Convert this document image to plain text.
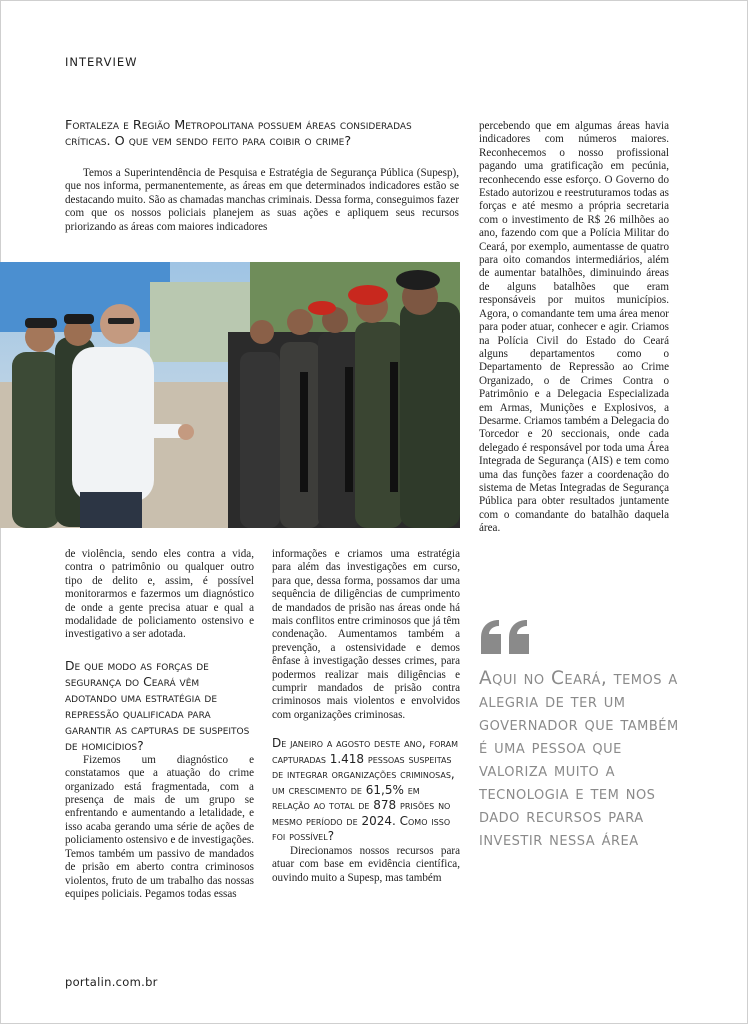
INTERVIEW

Fortaleza e Região Metropolitana possuem áreas consideradas críticas. O que vem sendo feito para coibir o crime?

Temos a Superintendência de Pesquisa e Estratégia de Segurança Pública (Supesp), que nos informa, permanentemente, as áreas em que determinados indicadores estão se destacando muito. São as chamadas manchas criminais. Dessa forma, conseguimos fazer com que os nossos policiais planejem as suas ações e apliquem seus recursos priorizando as áreas com maiores indicadores

de violência, sendo eles contra a vida, contra o patrimônio ou qualquer outro tipo de delito e, assim, é possível monitorarmos e fazermos um diagnóstico de onde a gente precisa atuar e qual a modalidade de policiamento ostensivo e investigativo a ser adotada.

De que modo as forças de segurança do Ceará vêm adotando uma estratégia de repressão qualificada para garantir as capturas de suspeitos de homicídios?

Fizemos um diagnóstico e constatamos que a atuação do crime organizado está fragmentada, com a presença de mais de um grupo se enfrentando e aumentando a letalidade, e isso acaba gerando uma série de ações de policiamento ostensivo e de investigações. Temos também um passivo de mandados de prisão em aberto contra criminosos violentos, fruto de um trabalho das nossas equipes policiais. Pegamos todas essas

informações e criamos uma estratégia para além das investigações em curso, para que, dessa forma, possamos dar uma sequência de diligências de cumprimento de mandados de prisão nas áreas onde há mais conflitos entre criminosos que já têm condenação. Aumentamos também a prevenção, a ostensividade e demos ênfase à investigação desses crimes, para podermos realizar mais diligências e cumprir mandados de prisão contra criminosos mais violentos e envolvidos com organizações criminosas.

De janeiro a agosto deste ano, foram capturadas 1.418 pessoas suspeitas de integrar organizações criminosas, um crescimento de 61,5% em relação ao total de 878 prisões no mesmo período de 2024. Como isso foi possível?

Direcionamos nossos recursos para atuar com base em evidência científica, ouvindo muito a Supesp, mas também

percebendo que em algumas áreas havia indicadores com números maiores. Reconhecemos o nosso profissional pagando uma gratificação em pecúnia, reconhecendo esse esforço. O Governo do Estado autorizou e reestruturamos todas as forças e até mesmo a própria secretaria com o investimento de R$ 26 milhões ao ano, fazendo com que a Polícia Militar do Ceará, por exemplo, aumentasse de quatro para oito comandos intermediários, além de aumentar batalhões, diminuindo áreas de alguns batalhões que eram responsáveis por muitos municípios. Agora, o comandante tem uma área menor para poder atuar, conhecer e agir. Criamos na Polícia Civil do Estado do Ceará alguns departamentos como o Departamento de Repressão ao Crime Organizado, o de Crimes Contra o Patrimônio e a Delegacia Especializada em Armas, Munições e Explosivos, a Desarme. Criamos também a Delegacia do Torcedor e 20 seccionais, onde cada delegado é responsável por toda uma Área Integrada de Segurança (AIS) e tem como uma das funções fazer a coordenação do sistema de Metas Integradas de Segurança Pública para obter resultados juntamente com o comandante do batalhão daquela área.

Aqui no Ceará, temos a alegria de ter um governador que também é uma pessoa que valoriza muito a tecnologia e tem nos dado recursos para investir nessa área

portalin.com.br
